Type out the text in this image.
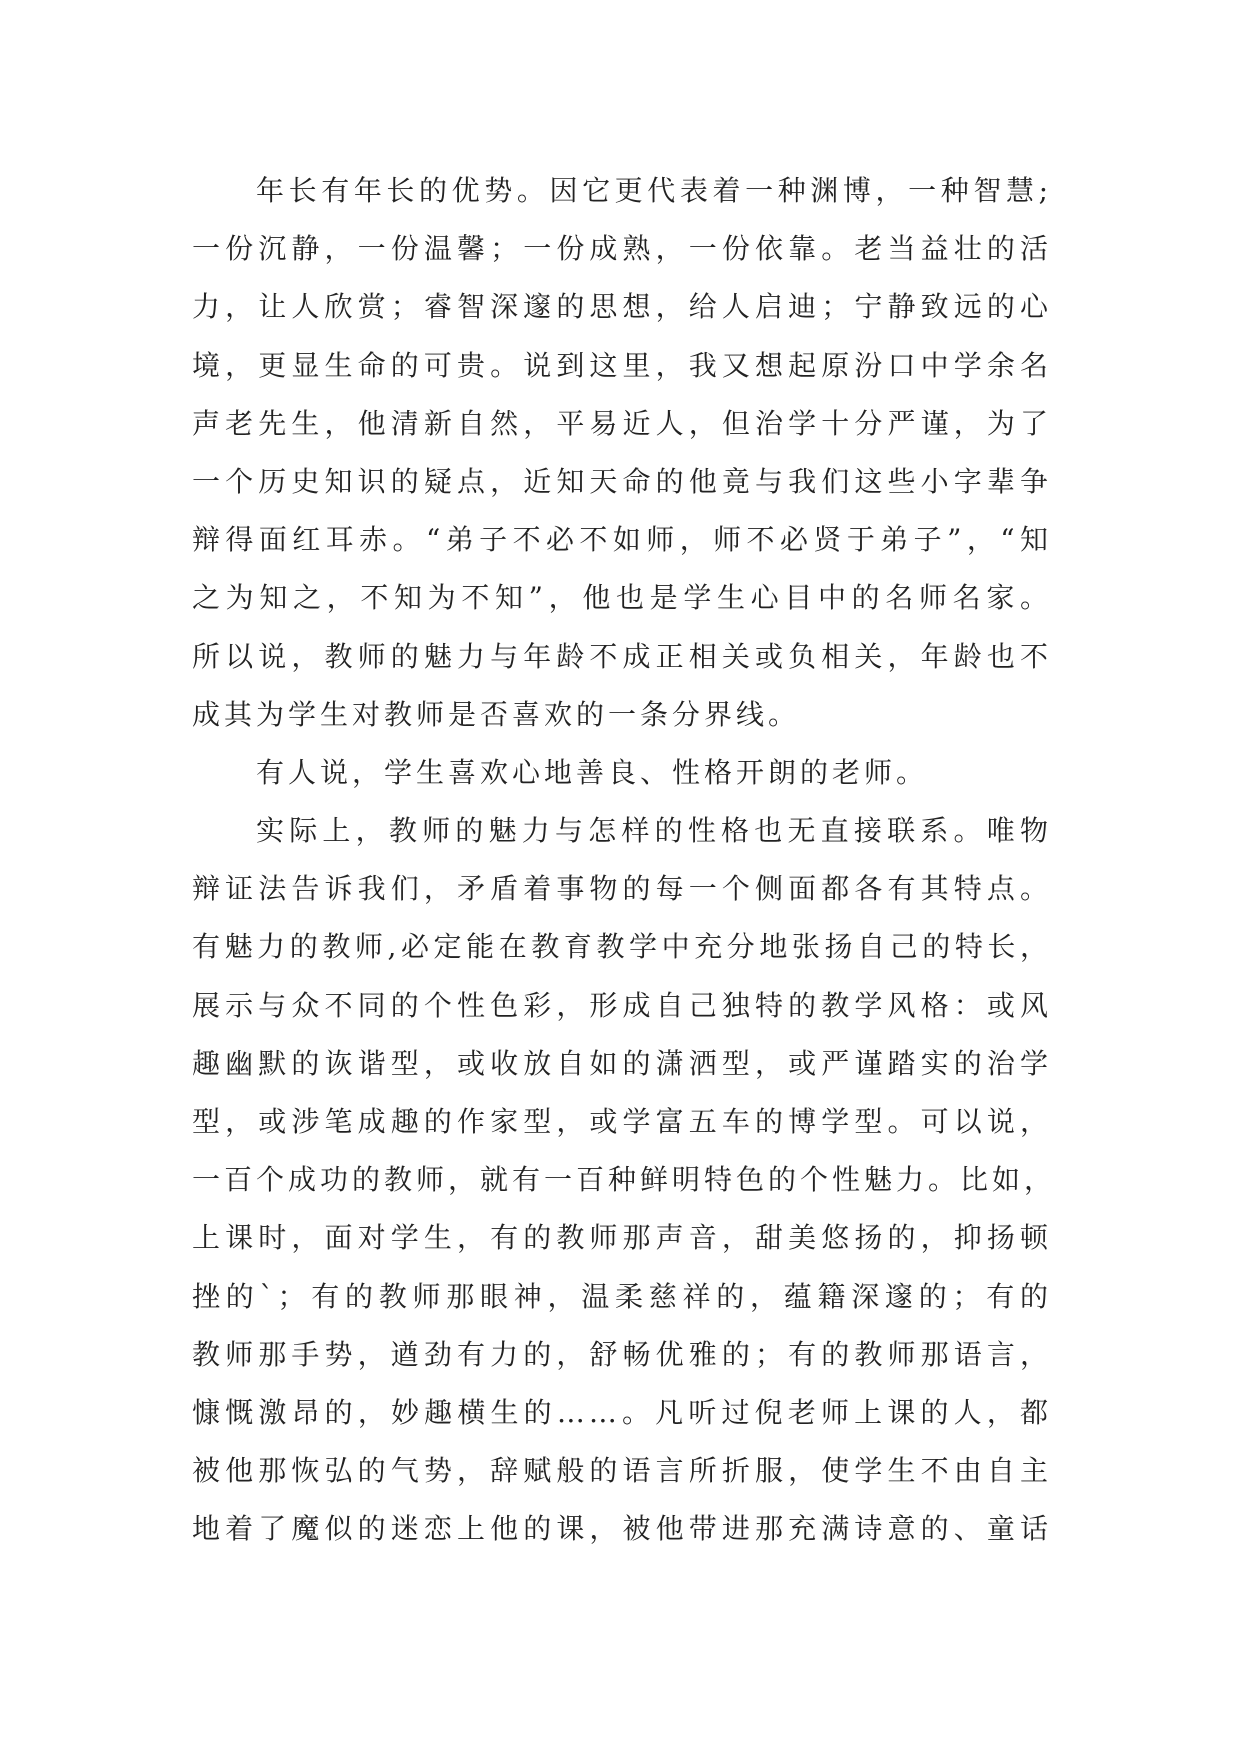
年长有年长的优势。因它更代表着一种渊博，一种智慧;
一份沉静，一份温馨；一份成熟，一份依靠。老当益壮的活
力，让人欣赏；睿智深邃的思想，给人启迪；宁静致远的心
境，更显生命的可贵。说到这里，我又想起原汾口中学余名
声老先生，他清新自然，平易近人，但治学十分严谨，为了
一个历史知识的疑点，近知天命的他竟与我们这些小字辈争
辩得面红耳赤。“弟子不必不如师，师不必贤于弟子”，“知
之为知之，不知为不知”，他也是学生心目中的名师名家。
所以说，教师的魅力与年龄不成正相关或负相关，年龄也不
成其为学生对教师是否喜欢的一条分界线。
有人说，学生喜欢心地善良、性格开朗的老师。
实际上，教师的魅力与怎样的性格也无直接联系。唯物
辩证法告诉我们，矛盾着事物的每一个侧面都各有其特点。
有魅力的教师,必定能在教育教学中充分地张扬自己的特长，
展示与众不同的个性色彩，形成自己独特的教学风格：或风
趣幽默的诙谐型，或收放自如的潇洒型，或严谨踏实的治学
型，或涉笔成趣的作家型，或学富五车的博学型。可以说，
一百个成功的教师，就有一百种鲜明特色的个性魅力。比如，
上课时，面对学生，有的教师那声音，甜美悠扬的，抑扬顿
挫的`；有的教师那眼神，温柔慈祥的，蕴籍深邃的；有的
教师那手势，遒劲有力的，舒畅优雅的；有的教师那语言，
慷慨激昂的，妙趣横生的……。凡听过倪老师上课的人，都
被他那恢弘的气势，辞赋般的语言所折服，使学生不由自主
地着了魔似的迷恋上他的课，被他带进那充满诗意的、童话
